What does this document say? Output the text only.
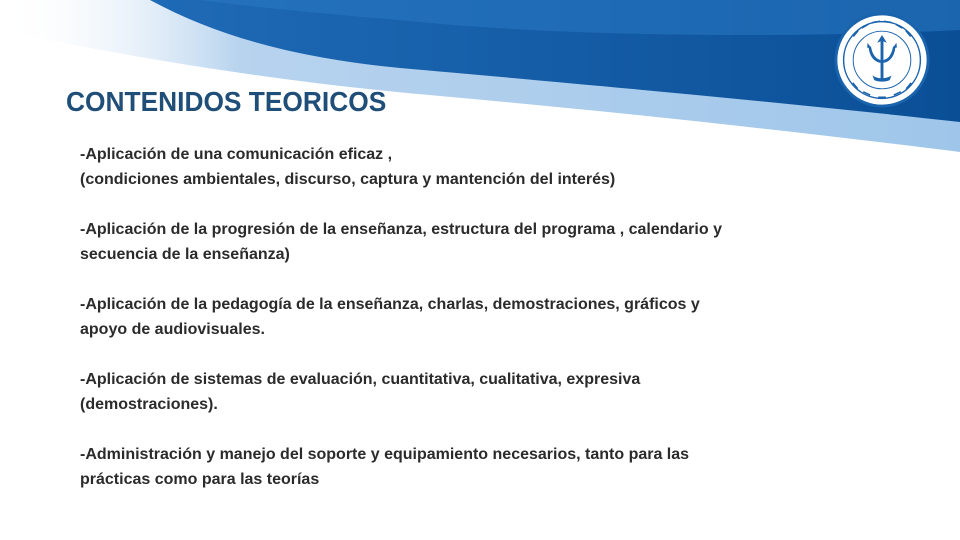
CONTENIDOS TEORICOS

-Aplicación de una comunicación eficaz ,
(condiciones ambientales, discurso, captura y mantención del interés)

-Aplicación de la progresión de la enseñanza, estructura del programa , calendario y
secuencia de la enseñanza)

-Aplicación de la pedagogía de la enseñanza, charlas, demostraciones, gráficos y
apoyo de audiovisuales.

-Aplicación de sistemas de evaluación, cuantitativa, cualitativa, expresiva
(demostraciones).

-Administración y manejo del soporte y equipamiento necesarios, tanto para las
prácticas como para las teorías
